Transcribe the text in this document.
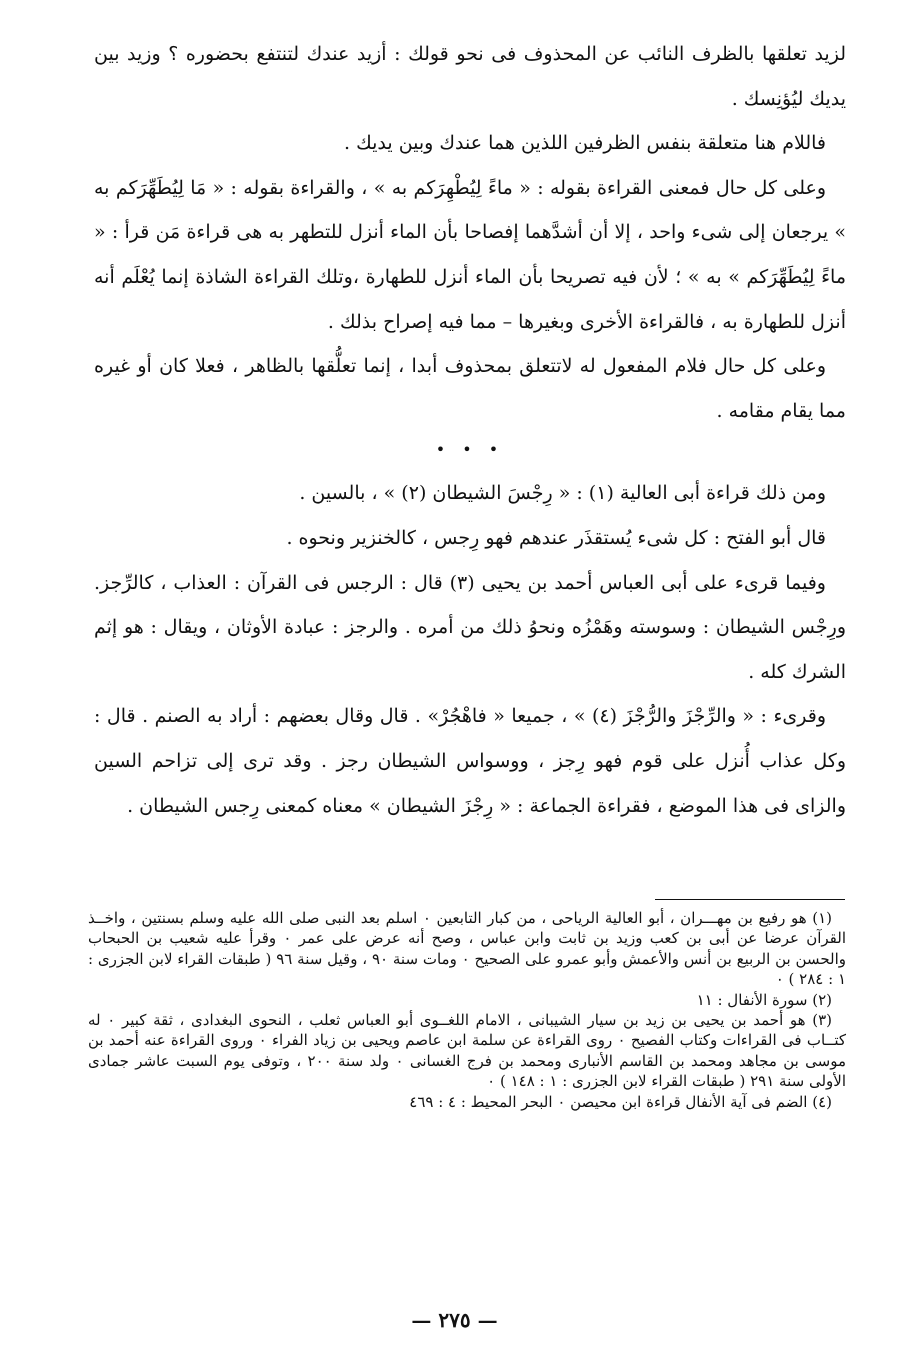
لزيد تعلقها بالظرف النائب عن المحذوف فى نحو قولك : أزيد عندك لتنتفع بحضوره ؟ وزيد بين يديك ليُؤنِسك .

فاللام هنا متعلقة بنفس الظرفين اللذين هما عندك وبين يديك .

وعلى كل حال فمعنى القراءة بقوله : « ماءً لِيُطْهِرَكم به » ، والقراءة بقوله : « مَا لِيُطَهِّرَكم به » يرجعان إلى شىء واحد ، إلا أن أشدَّهما إفصاحا بأن الماء أنزل للتطهر به هى قراءة مَن قرأ : « ماءً لِيُطَهِّرَكم » به » ؛ لأن فيه تصريحا بأن الماء أنزل للطهارة ،وتلك القراءة الشاذة إنما يُعْلَم أنه أنزل للطهارة به ، فالقراءة الأخرى وبغيرها – مما فيه إصراح بذلك .

وعلى كل حال فلام المفعول له لاتتعلق بمحذوف أبدا ، إنما تعلُّقها بالظاهر ، فعلا كان أو غيره مما يقام مقامه .

• • •

ومن ذلك قراءة أبى العالية (١) : « رِجْسَ الشيطان (٢) » ، بالسين .

قال أبو الفتح : كل شىء يُستقذَر عندهم فهو رِجس ، كالخنزير ونحوه .

وفيما قرىء على أبى العباس أحمد بن يحيى (٣) قال : الرجس فى القرآن : العذاب ، كالرِّجز. ورِجْس الشيطان : وسوسته وهَمْزُه ونحوُ ذلك من أمره . والرجز : عبادة الأوثان ، ويقال : هو إثم الشرك كله .

وقرىء : « والرِّجْزَ والرُّجْزَ (٤) » ، جميعا « فاهْجُرْ» . قال وقال بعضهم : أراد به الصنم . قال : وكل عذاب أُنزل على قوم فهو رِجز ، ووسواس الشيطان رجز . وقد ترى إلى تزاحم السين والزاى فى هذا الموضع ، فقراءة الجماعة : « رِجْزَ الشيطان » معناه كمعنى رِجس الشيطان .

(١) هو رفيع بن مهـــران ، أبو العالية الرياحى ، من كبار التابعين ٠ اسلم بعد النبى صلى الله عليه وسلم بسنتين ، واخــذ القرآن عرضا عن أبى بن كعب وزيد بن ثابت وابن عباس ، وصح أنه عرض على عمر ٠ وقرأ عليه شعيب بن الحبحاب والحسن بن الربيع بن أنس والأعمش وأبو عمرو على الصحيح ٠ ومات سنة ٩٠ ، وقيل سنة ٩٦ ( طبقات القراء لابن الجزرى : ١ : ٢٨٤ ) ٠

(٢) سورة الأنفال : ١١

(٣) هو أحمد بن يحيى بن زيد بن سيار الشيبانى ، الامام اللغــوى أبو العباس ثعلب ، النحوى البغدادى ، ثقة كبير ٠ له كتــاب فى القراءات وكتاب الفصيح ٠ روى القراءة عن سلمة ابن عاصم ويحيى بن زياد الفراء ٠ وروى القراءة عنه أحمد بن موسى بن مجاهد ومحمد بن القاسم الأنبارى ومحمد بن فرج الغسانى ٠ ولد سنة ٢٠٠ ، وتوفى يوم السبت عاشر جمادى الأولى سنة ٢٩١ ( طبقات القراء لابن الجزرى : ١ : ١٤٨ ) ٠

(٤) الضم فى آية الأنفال قراءة ابن محيصن ٠ البحر المحيط : ٤ : ٤٦٩

— ٢٧٥ —
